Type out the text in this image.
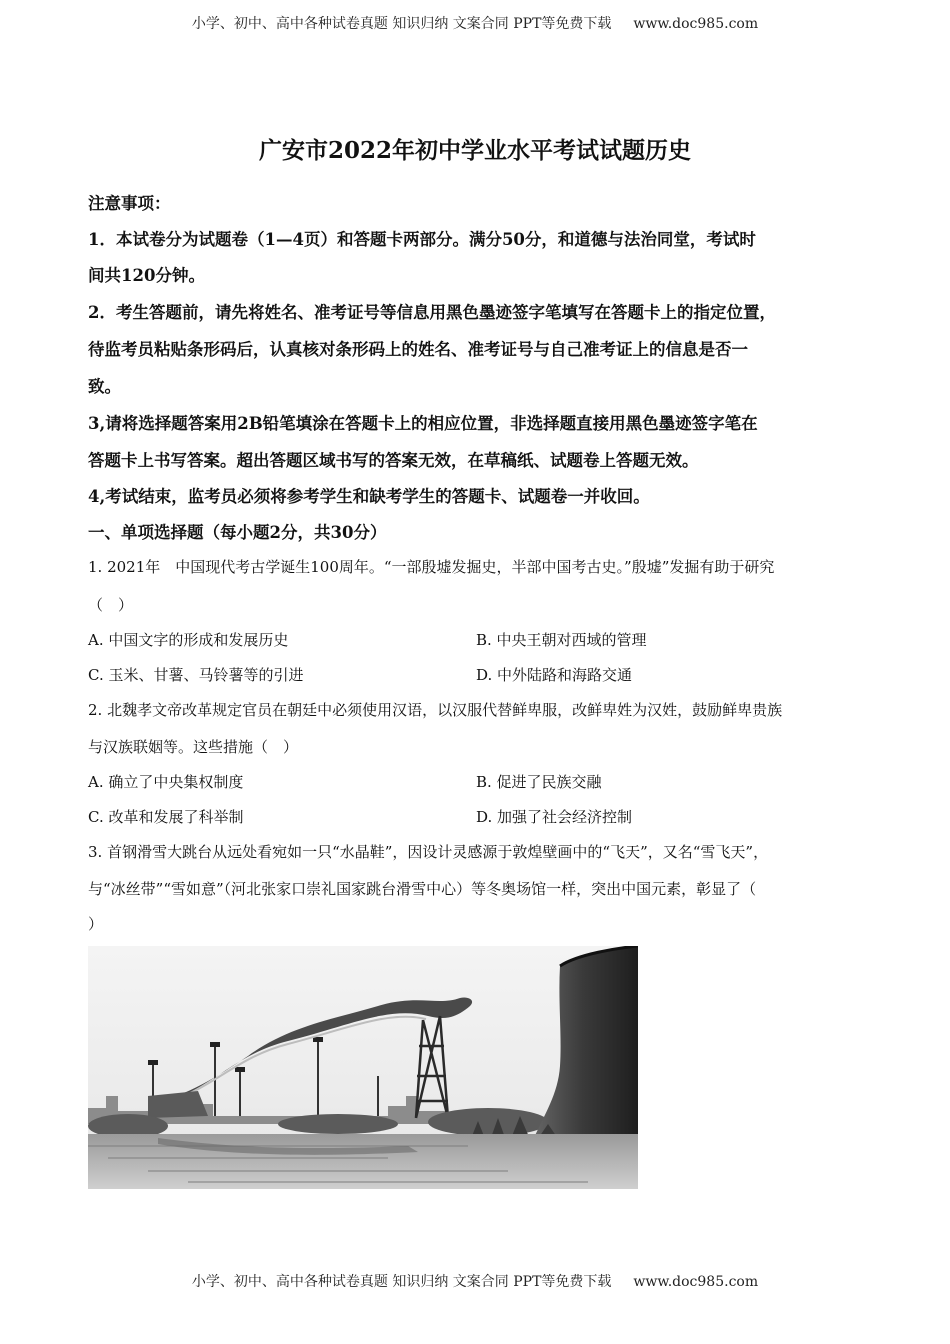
小学、初中、高中各种试卷真题 知识归纳 文案合同 PPT等免费下载 www.doc985.com
广安市2022年初中学业水平考试试题历史
注意事项：
1．本试卷分为试题卷（1—4页）和答题卡两部分。满分50分，和道德与法治同堂，考试时
间共120分钟。
2．考生答题前，请先将姓名、准考证号等信息用黑色墨迹签字笔填写在答题卡上的指定位置，
待监考员粘贴条形码后，认真核对条形码上的姓名、准考证号与自己准考证上的信息是否一
致。
3,请将选择题答案用2B铅笔填涂在答题卡上的相应位置，非选择题直接用黑色墨迹签字笔在
答题卡上书写答案。超出答题区域书写的答案无效，在草稿纸、试题卷上答题无效。
4,考试结束，监考员必须将参考学生和缺考学生的答题卡、试题卷一并收回。
一、单项选择题（每小题2分，共30分）
1. 2021年　中国现代考古学诞生100周年。“一部殷墟发掘史，半部中国考古史。”殷墟”发掘有助于研究
（　）
A. 中国文字的形成和发展历史	B. 中央王朝对西域的管理
C. 玉米、甘薯、马铃薯等的引进	D. 中外陆路和海路交通
2. 北魏孝文帝改革规定官员在朝廷中必须使用汉语，以汉服代替鲜卑服，改鲜卑姓为汉姓，鼓励鲜卑贵族
与汉族联姻等。这些措施（　）
A. 确立了中央集权制度	B. 促进了民族交融
C. 改革和发展了科举制	D. 加强了社会经济控制
3. 首钢滑雪大跳台从远处看宛如一只“水晶鞋”，因设计灵感源于敦煌壁画中的“飞天”，又名“雪飞天”，
与“冰丝带”“雪如意”（河北张家口崇礼国家跳台滑雪中心）等冬奥场馆一样，突出中国元素，彰显了（
）
小学、初中、高中各种试卷真题 知识归纳 文案合同 PPT等免费下载 www.doc985.com
